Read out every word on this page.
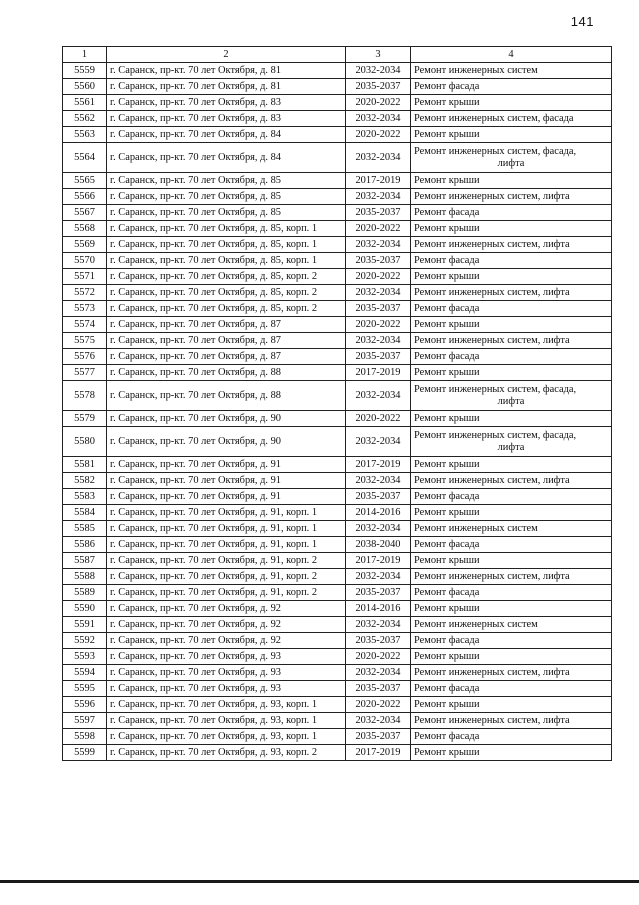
141
1	2	3	4
5559	г. Саранск, пр-кт. 70 лет Октября, д. 81	2032-2034	Ремонт инженерных систем
5560	г. Саранск, пр-кт. 70 лет Октября, д. 81	2035-2037	Ремонт фасада
5561	г. Саранск, пр-кт. 70 лет Октября, д. 83	2020-2022	Ремонт крыши
5562	г. Саранск, пр-кт. 70 лет Октября, д. 83	2032-2034	Ремонт инженерных систем, фасада
5563	г. Саранск, пр-кт. 70 лет Октября, д. 84	2020-2022	Ремонт крыши
5564	г. Саранск, пр-кт. 70 лет Октября, д. 84	2032-2034	Ремонт инженерных систем, фасада,
лифта

5565	г. Саранск, пр-кт. 70 лет Октября, д. 85	2017-2019	Ремонт крыши
5566	г. Саранск, пр-кт. 70 лет Октября, д. 85	2032-2034	Ремонт инженерных систем, лифта
5567	г. Саранск, пр-кт. 70 лет Октября, д. 85	2035-2037	Ремонт фасада
5568	г. Саранск, пр-кт. 70 лет Октября, д. 85, корп. 1	2020-2022	Ремонт крыши
5569	г. Саранск, пр-кт. 70 лет Октября, д. 85, корп. 1	2032-2034	Ремонт инженерных систем, лифта
5570	г. Саранск, пр-кт. 70 лет Октября, д. 85, корп. 1	2035-2037	Ремонт фасада
5571	г. Саранск, пр-кт. 70 лет Октября, д. 85, корп. 2	2020-2022	Ремонт крыши
5572	г. Саранск, пр-кт. 70 лет Октября, д. 85, корп. 2	2032-2034	Ремонт инженерных систем, лифта
5573	г. Саранск, пр-кт. 70 лет Октября, д. 85, корп. 2	2035-2037	Ремонт фасада
5574	г. Саранск, пр-кт. 70 лет Октября, д. 87	2020-2022	Ремонт крыши
5575	г. Саранск, пр-кт. 70 лет Октября, д. 87	2032-2034	Ремонт инженерных систем, лифта
5576	г. Саранск, пр-кт. 70 лет Октября, д. 87	2035-2037	Ремонт фасада
5577	г. Саранск, пр-кт. 70 лет Октября, д. 88	2017-2019	Ремонт крыши
5578	г. Саранск, пр-кт. 70 лет Октября, д. 88	2032-2034	Ремонт инженерных систем, фасада,
лифта

5579	г. Саранск, пр-кт. 70 лет Октября, д. 90	2020-2022	Ремонт крыши
5580	г. Саранск, пр-кт. 70 лет Октября, д. 90	2032-2034	Ремонт инженерных систем, фасада,
лифта

5581	г. Саранск, пр-кт. 70 лет Октября, д. 91	2017-2019	Ремонт крыши
5582	г. Саранск, пр-кт. 70 лет Октября, д. 91	2032-2034	Ремонт инженерных систем, лифта
5583	г. Саранск, пр-кт. 70 лет Октября, д. 91	2035-2037	Ремонт фасада
5584	г. Саранск, пр-кт. 70 лет Октября, д. 91, корп. 1	2014-2016	Ремонт крыши
5585	г. Саранск, пр-кт. 70 лет Октября, д. 91, корп. 1	2032-2034	Ремонт инженерных систем
5586	г. Саранск, пр-кт. 70 лет Октября, д. 91, корп. 1	2038-2040	Ремонт фасада
5587	г. Саранск, пр-кт. 70 лет Октября, д. 91, корп. 2	2017-2019	Ремонт крыши
5588	г. Саранск, пр-кт. 70 лет Октября, д. 91, корп. 2	2032-2034	Ремонт инженерных систем, лифта
5589	г. Саранск, пр-кт. 70 лет Октября, д. 91, корп. 2	2035-2037	Ремонт фасада
5590	г. Саранск, пр-кт. 70 лет Октября, д. 92	2014-2016	Ремонт крыши
5591	г. Саранск, пр-кт. 70 лет Октября, д. 92	2032-2034	Ремонт инженерных систем
5592	г. Саранск, пр-кт. 70 лет Октября, д. 92	2035-2037	Ремонт фасада
5593	г. Саранск, пр-кт. 70 лет Октября, д. 93	2020-2022	Ремонт крыши
5594	г. Саранск, пр-кт. 70 лет Октября, д. 93	2032-2034	Ремонт инженерных систем, лифта
5595	г. Саранск, пр-кт. 70 лет Октября, д. 93	2035-2037	Ремонт фасада
5596	г. Саранск, пр-кт. 70 лет Октября, д. 93, корп. 1	2020-2022	Ремонт крыши
5597	г. Саранск, пр-кт. 70 лет Октября, д. 93, корп. 1	2032-2034	Ремонт инженерных систем, лифта
5598	г. Саранск, пр-кт. 70 лет Октября, д. 93, корп. 1	2035-2037	Ремонт фасада
5599	г. Саранск, пр-кт. 70 лет Октября, д. 93, корп. 2	2017-2019	Ремонт крыши
